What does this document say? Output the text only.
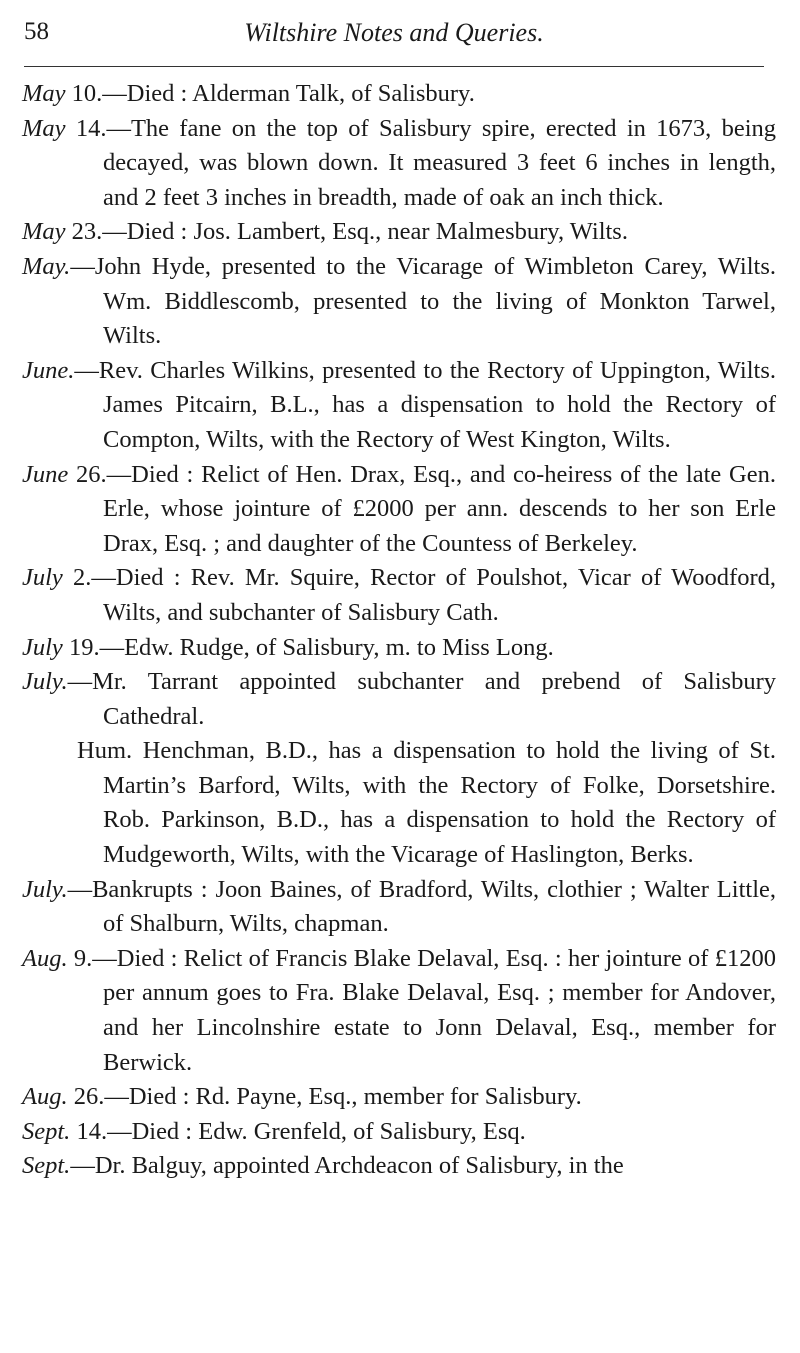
58	Wiltshire Notes and Queries.

May 10.—Died : Alderman Talk, of Salisbury.

May 14.—The fane on the top of Salisbury spire, erected in 1673, being decayed, was blown down. It measured 3 feet 6 inches in length, and 2 feet 3 inches in breadth, made of oak an inch thick.

May 23.—Died : Jos. Lambert, Esq., near Malmesbury, Wilts.

May.—John Hyde, presented to the Vicarage of Wimbleton Carey, Wilts. Wm. Biddlescomb, presented to the living of Monkton Tarwel, Wilts.

June.—Rev. Charles Wilkins, presented to the Rectory of Uppington, Wilts. James Pitcairn, B.L., has a dispensation to hold the Rectory of Compton, Wilts, with the Rectory of West Kington, Wilts.

June 26.—Died : Relict of Hen. Drax, Esq., and co-heiress of the late Gen. Erle, whose jointure of £2000 per ann. descends to her son Erle Drax, Esq. ; and daughter of the Countess of Berkeley.

July 2.—Died : Rev. Mr. Squire, Rector of Poulshot, Vicar of Woodford, Wilts, and subchanter of Salisbury Cath.

July 19.—Edw. Rudge, of Salisbury, m. to Miss Long.

July.—Mr. Tarrant appointed subchanter and prebend of Salisbury Cathedral.

Hum. Henchman, B.D., has a dispensation to hold the living of St. Martin’s Barford, Wilts, with the Rectory of Folke, Dorsetshire. Rob. Parkinson, B.D., has a dispensation to hold the Rectory of Mudgeworth, Wilts, with the Vicarage of Haslington, Berks.

July.—Bankrupts : Joon Baines, of Bradford, Wilts, clothier ; Walter Little, of Shalburn, Wilts, chapman.

Aug. 9.—Died : Relict of Francis Blake Delaval, Esq. : her jointure of £1200 per annum goes to Fra. Blake Delaval, Esq. ; member for Andover, and her Lincolnshire estate to Jonn Delaval, Esq., member for Berwick.

Aug. 26.—Died : Rd. Payne, Esq., member for Salisbury.

Sept. 14.—Died : Edw. Grenfeld, of Salisbury, Esq.

Sept.—Dr. Balguy, appointed Archdeacon of Salisbury, in the
